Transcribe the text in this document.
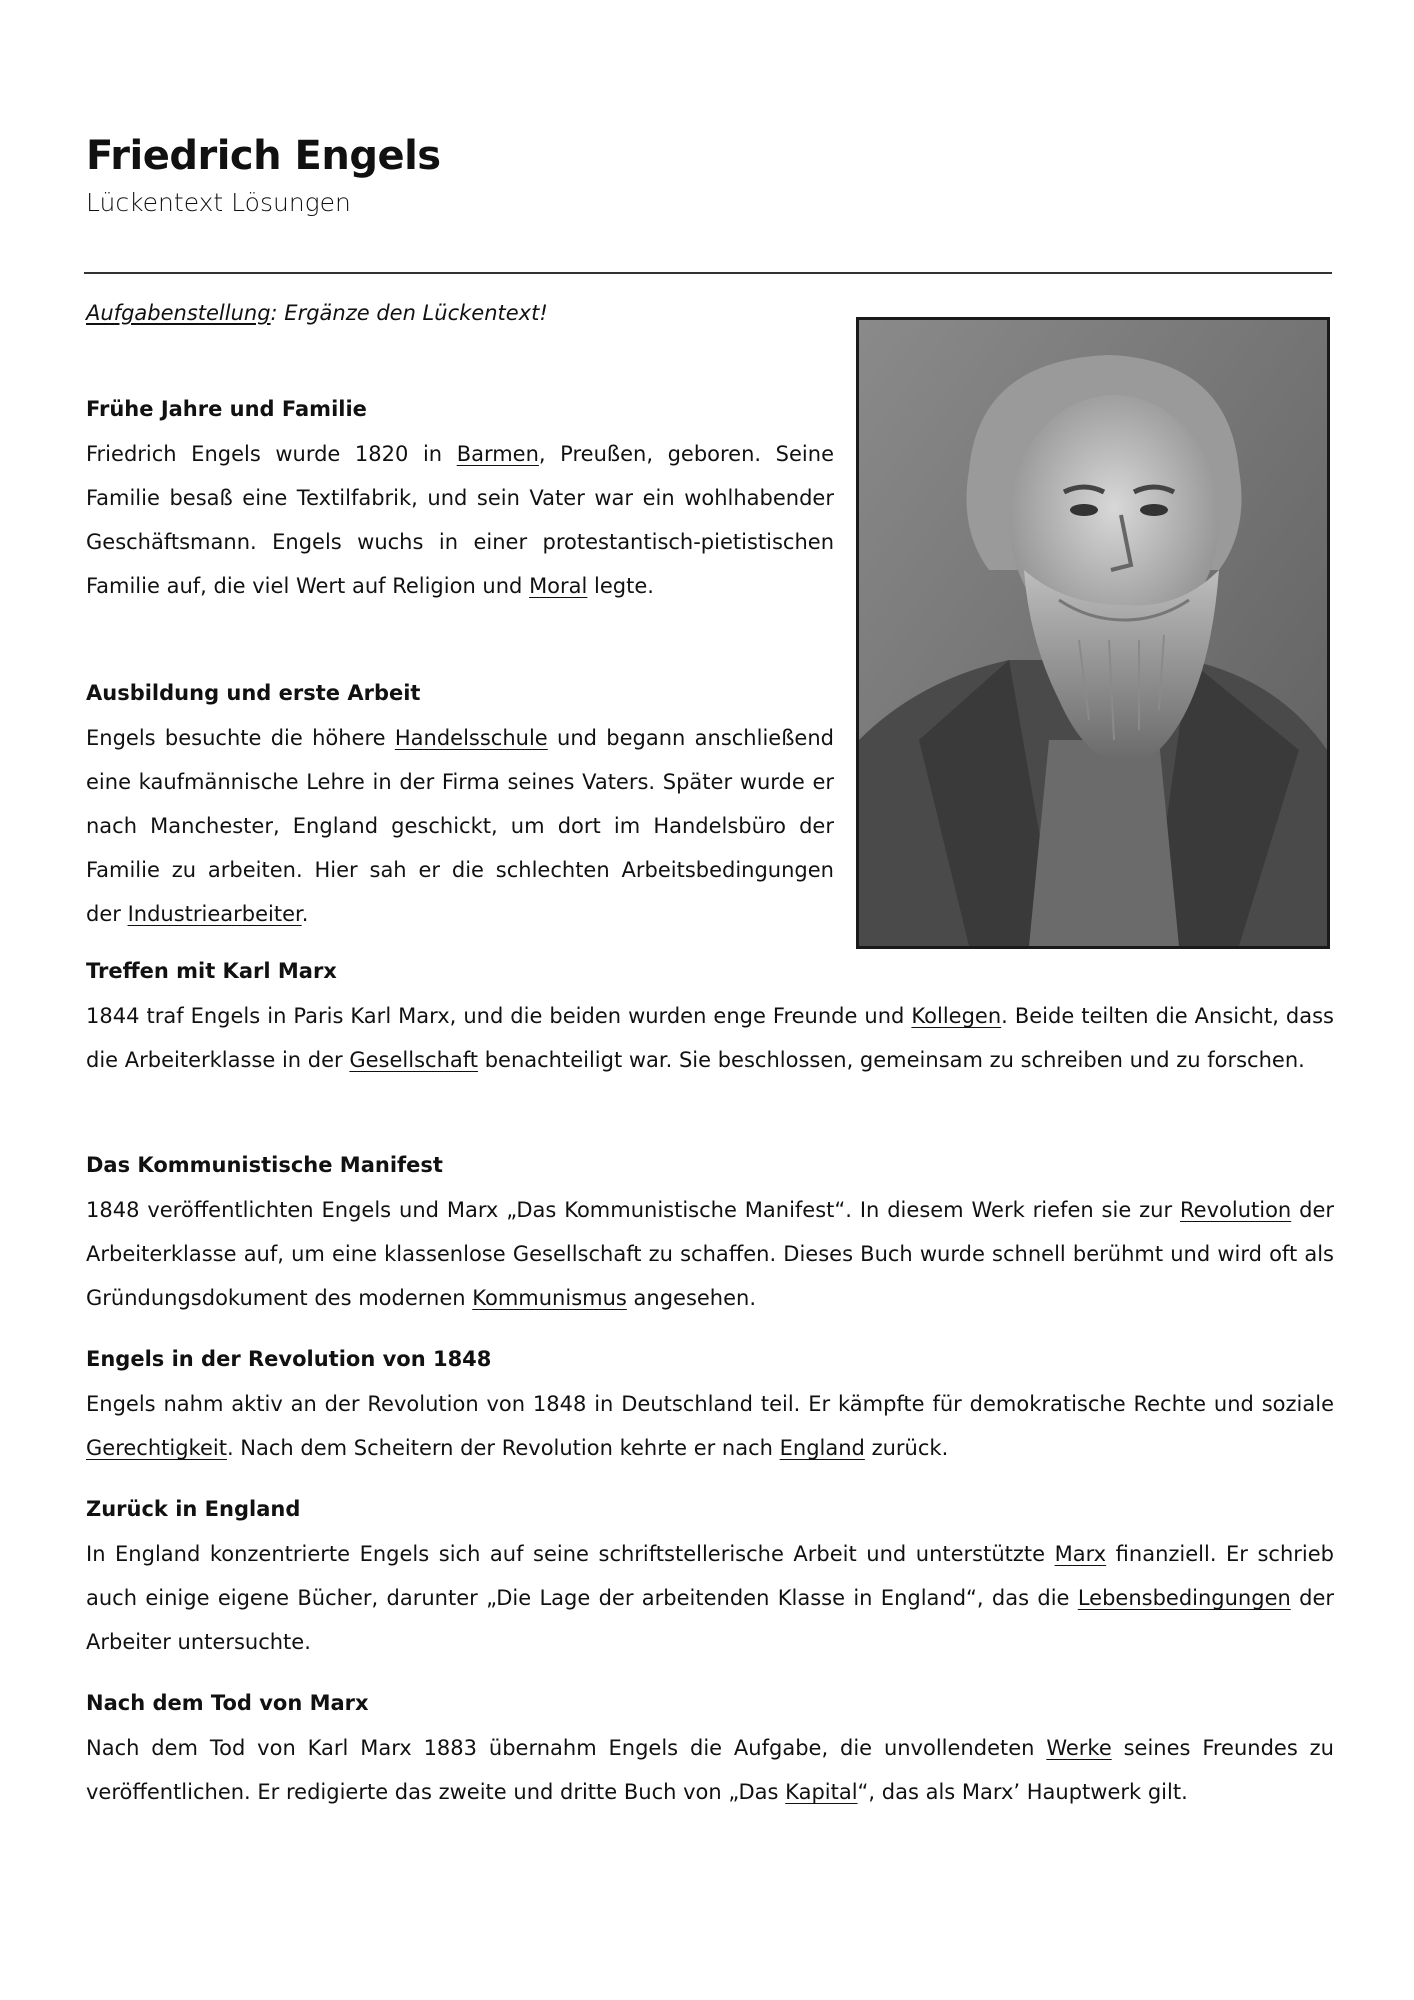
Friedrich Engels
Lückentext Lösungen
Aufgabenstellung: Ergänze den Lückentext!
Frühe Jahre und Familie

Friedrich Engels wurde 1820 in Barmen, Preußen, geboren. Seine Familie besaß eine Textilfabrik, und sein Vater war ein wohlhabender Geschäftsmann. Engels wuchs in einer protestantisch-pietistischen Familie auf, die viel Wert auf Religion und Moral legte.

Ausbildung und erste Arbeit

Engels besuchte die höhere Handelsschule und begann anschließend eine kaufmännische Lehre in der Firma seines Vaters. Später wurde er nach Manchester, England geschickt, um dort im Handelsbüro der Familie zu arbeiten. Hier sah er die schlechten Arbeitsbedingungen der Industriearbeiter.

Treffen mit Karl Marx

1844 traf Engels in Paris Karl Marx, und die beiden wurden enge Freunde und Kollegen. Beide teilten die Ansicht, dass die Arbeiterklasse in der Gesellschaft benachteiligt war. Sie beschlossen, gemeinsam zu schreiben und zu forschen.

Das Kommunistische Manifest

1848 veröffentlichten Engels und Marx „Das Kommunistische Manifest“. In diesem Werk riefen sie zur Revolution der Arbeiterklasse auf, um eine klassenlose Gesellschaft zu schaffen. Dieses Buch wurde schnell berühmt und wird oft als Gründungsdokument des modernen Kommunismus angesehen.

Engels in der Revolution von 1848

Engels nahm aktiv an der Revolution von 1848 in Deutschland teil. Er kämpfte für demokratische Rechte und soziale Gerechtigkeit. Nach dem Scheitern der Revolution kehrte er nach England zurück.

Zurück in England

In England konzentrierte Engels sich auf seine schriftstellerische Arbeit und unterstützte Marx finanziell. Er schrieb auch einige eigene Bücher, darunter „Die Lage der arbeitenden Klasse in England“, das die Lebensbedingungen der Arbeiter untersuchte.

Nach dem Tod von Marx

Nach dem Tod von Karl Marx 1883 übernahm Engels die Aufgabe, die unvollendeten Werke seines Freundes zu veröffentlichen. Er redigierte das zweite und dritte Buch von „Das Kapital“, das als Marx’ Hauptwerk gilt.
